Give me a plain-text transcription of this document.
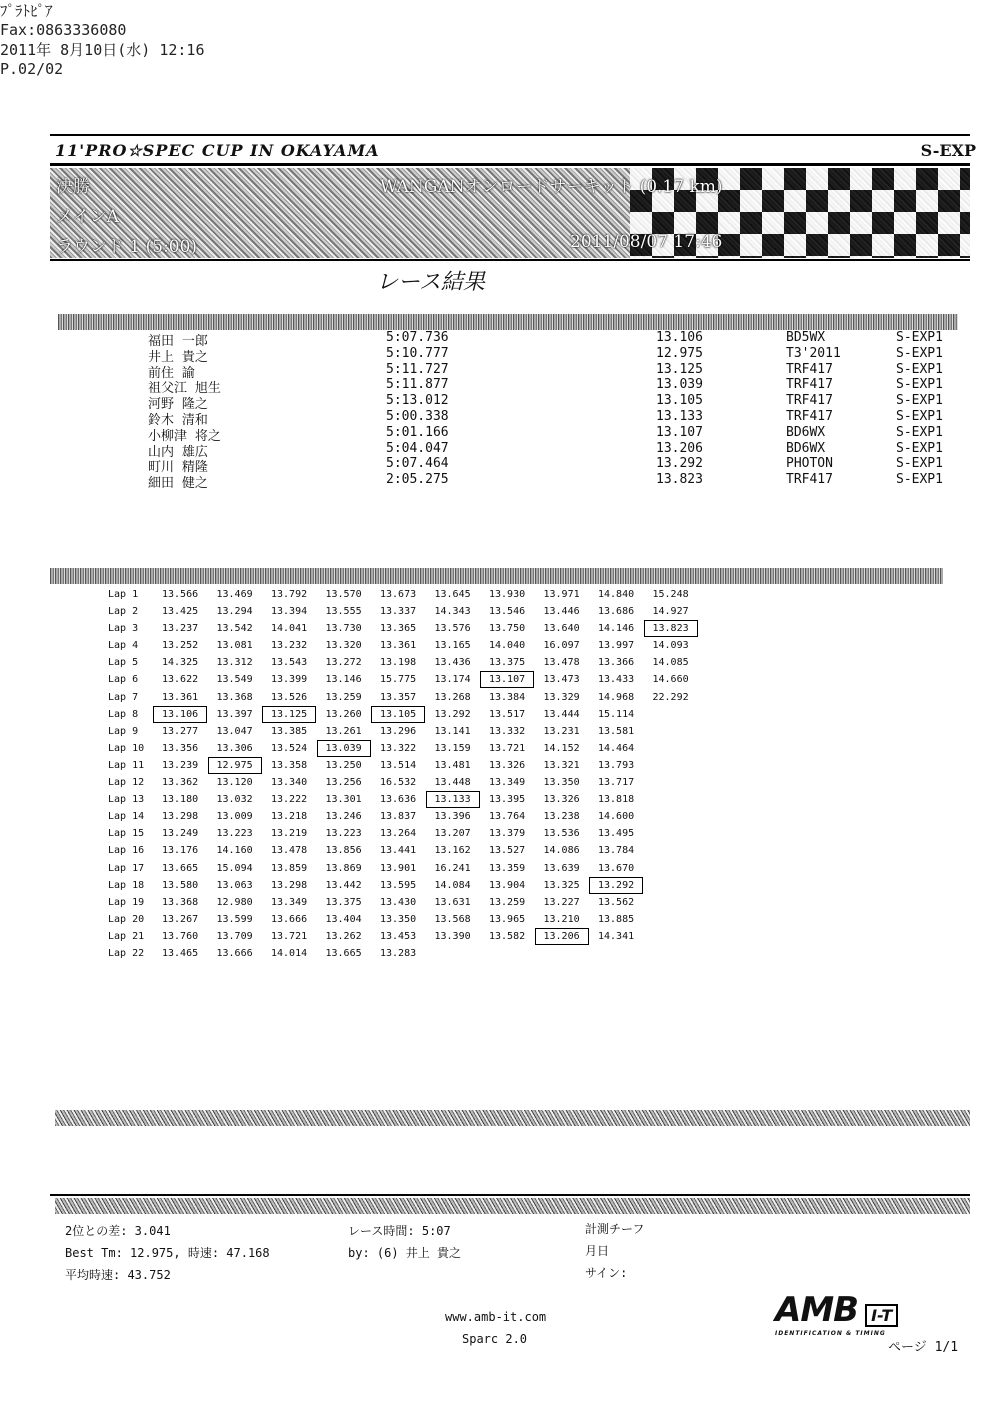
ﾌﾟﾗﾄﾋﾟｱ
Fax:0863336080
2011年 8月10日(水) 12:16
P.02/02
11'PRO☆SPEC CUP IN OKAYAMA	S-EXP
決勝	WANGANオンロードサーキット (0.17 km)
メインA
ラウンド 1 (5:00)	2011/08/07 17:46
レース結果
福田 一郎	5:07.736	13.106	BD5WX	S-EXP1
井上 貴之	5:10.777	12.975	T3'2011	S-EXP1
前住 諭	5:11.727	13.125	TRF417	S-EXP1
祖父江 旭生	5:11.877	13.039	TRF417	S-EXP1
河野 隆之	5:13.012	13.105	TRF417	S-EXP1
鈴木 清和	5:00.338	13.133	TRF417	S-EXP1
小柳津 将之	5:01.166	13.107	BD6WX	S-EXP1
山内 雄広	5:04.047	13.206	BD6WX	S-EXP1
町川 精隆	5:07.464	13.292	PHOTON	S-EXP1
細田 健之	2:05.275	13.823	TRF417	S-EXP1
Lap 1 13.566 13.469 13.792 13.570 13.673 13.645 13.930 13.971 14.840 15.248
Lap 2 13.425 13.294 13.394 13.555 13.337 14.343 13.546 13.446 13.686 14.927
Lap 3 13.237 13.542 14.041 13.730 13.365 13.576 13.750 13.640 14.146	13.823
Lap 4 13.252 13.081 13.232 13.320 13.361 13.165 14.040 16.097 13.997 14.093
Lap 5 14.325 13.312 13.543 13.272 13.198 13.436 13.375 13.478 13.366 14.085
Lap 6 13.622 13.549 13.399 13.146 15.775 13.174	13.107	13.473 13.433 14.660
Lap 7 13.361 13.368 13.526 13.259 13.357 13.268 13.384 13.329 14.968 22.292
Lap 8	13.106	13.397	13.125	13.260	13.105	13.292 13.517 13.444 15.114
Lap 9 13.277 13.047 13.385 13.261 13.296 13.141 13.332 13.231 13.581
Lap 10 13.356 13.306 13.524	13.039	13.322 13.159 13.721 14.152 14.464
Lap 11 13.239	12.975	13.358 13.250 13.514 13.481 13.326 13.321 13.793
Lap 12 13.362 13.120 13.340 13.256 16.532 13.448 13.349 13.350 13.717
Lap 13 13.180 13.032 13.222 13.301 13.636	13.133	13.395 13.326 13.818
Lap 14 13.298 13.009 13.218 13.246 13.837 13.396 13.764 13.238 14.600
Lap 15 13.249 13.223 13.219 13.223 13.264 13.207 13.379 13.536 13.495
Lap 16 13.176 14.160 13.478 13.856 13.441 13.162 13.527 14.086 13.784
Lap 17 13.665 15.094 13.859 13.869 13.901 16.241 13.359 13.639 13.670
Lap 18 13.580 13.063 13.298 13.442 13.595 14.084 13.904 13.325	13.292
Lap 19 13.368 12.980 13.349 13.375 13.430 13.631 13.259 13.227 13.562
Lap 20 13.267 13.599 13.666 13.404 13.350 13.568 13.965 13.210 13.885
Lap 21 13.760 13.709 13.721 13.262 13.453 13.390 13.582	13.206	14.341
Lap 22 13.465 13.666 14.014 13.665 13.283
2位との差: 3.041
Best Tm: 12.975, 時速: 47.168
平均時速: 43.752
レース時間: 5:07
by: (6) 井上 貴之
計測チーフ
月日
サイン:
www.amb-it.com
Sparc 2.0
AMB I-T
IDENTIFICATION & TIMING
ページ 1/1
